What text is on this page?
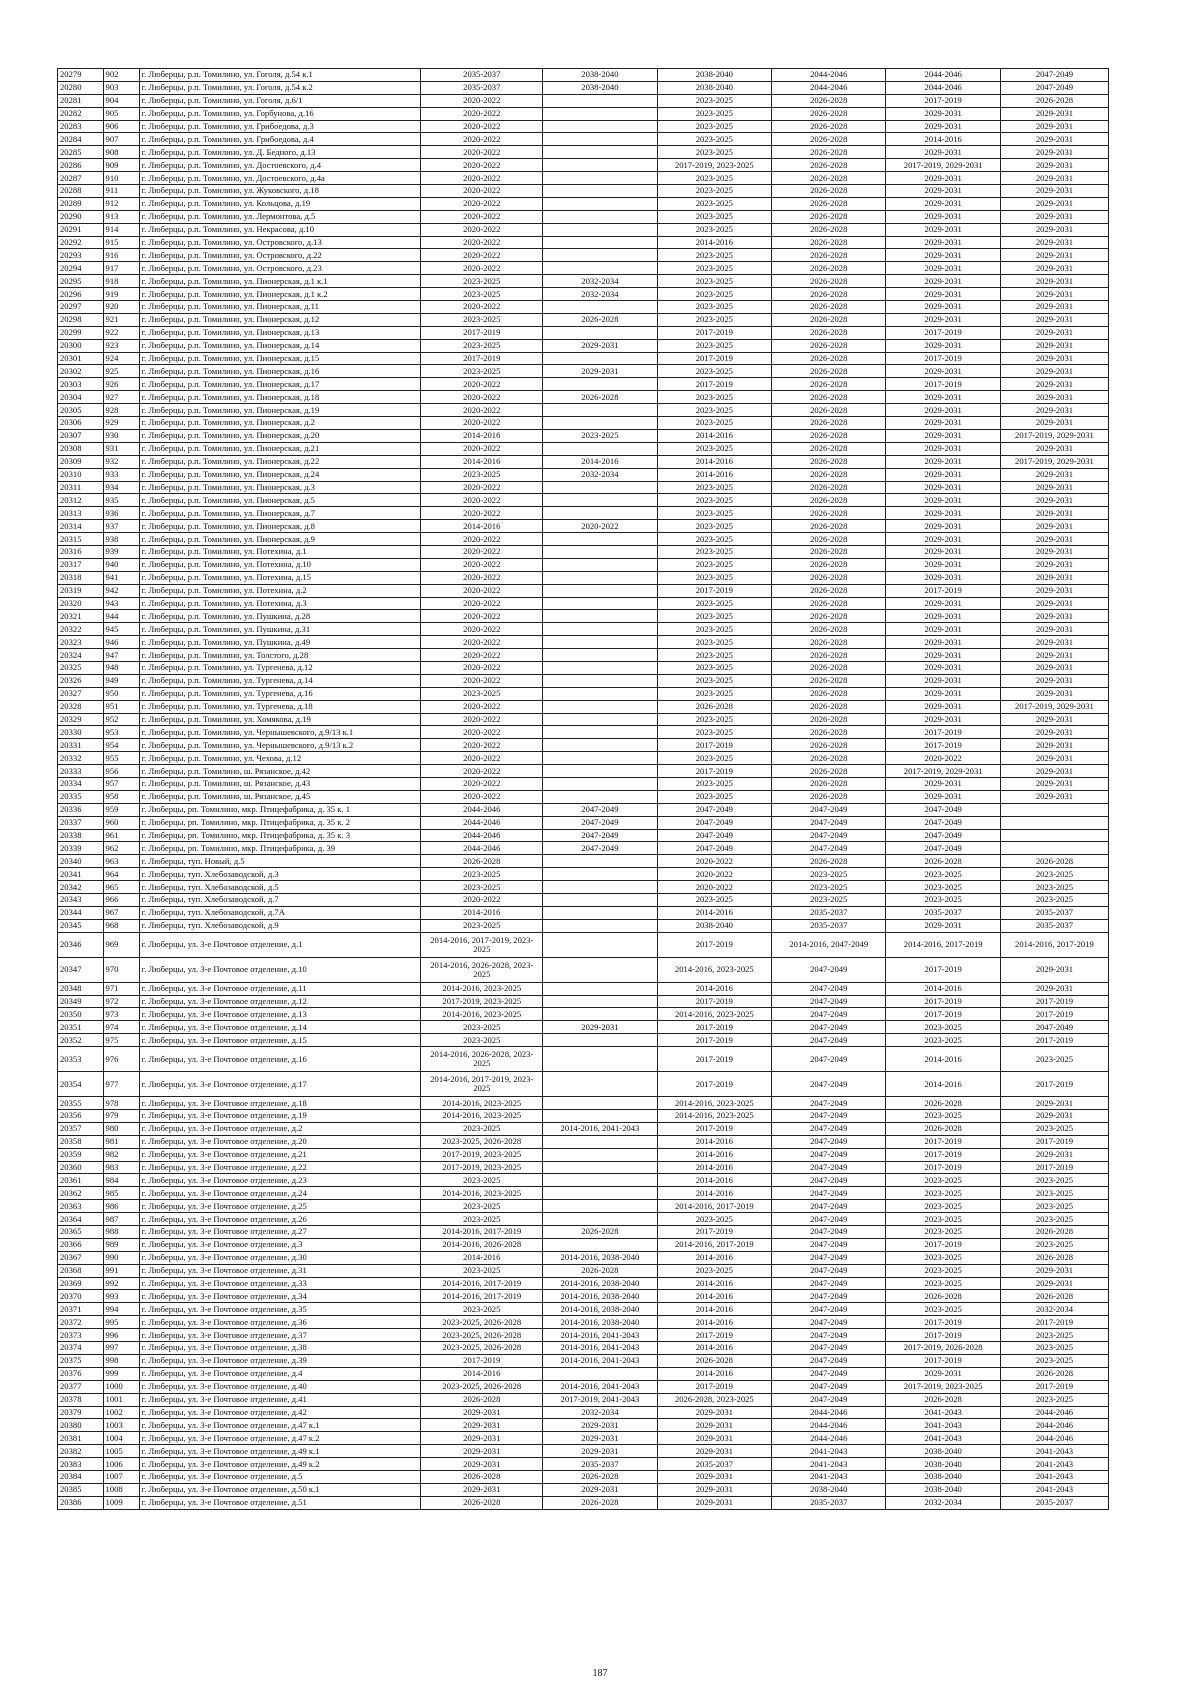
20279	902	г. Люберцы, р.п. Томилино, ул. Гоголя, д.54 к.1	2035-2037	2038-2040	2038-2040	2044-2046	2044-2046	2047-2049
20280	903	г. Люберцы, р.п. Томилино, ул. Гоголя, д.54 к.2	2035-2037	2038-2040	2038-2040	2044-2046	2044-2046	2047-2049
20281	904	г. Люберцы, р.п. Томилино, ул. Гоголя, д.6/1	2020-2022		2023-2025	2026-2028	2017-2019	2026-2028
20282	905	г. Люберцы, р.п. Томилино, ул. Горбунова, д.16	2020-2022		2023-2025	2026-2028	2029-2031	2029-2031
20283	906	г. Люберцы, р.п. Томилино, ул. Грибоедова, д.3	2020-2022		2023-2025	2026-2028	2029-2031	2029-2031
20284	907	г. Люберцы, р.п. Томилино, ул. Грибоедова, д.4	2020-2022		2023-2025	2026-2028	2014-2016	2029-2031
20285	908	г. Люберцы, р.п. Томилино, ул. Д. Бедного, д.13	2020-2022		2023-2025	2026-2028	2029-2031	2029-2031
20286	909	г. Люберцы, р.п. Томилино, ул. Достоевского, д.4	2020-2022		2017-2019, 2023-2025	2026-2028	2017-2019, 2029-2031	2029-2031
20287	910	г. Люберцы, р.п. Томилино, ул. Достоевского, д.4а	2020-2022		2023-2025	2026-2028	2029-2031	2029-2031
20288	911	г. Люберцы, р.п. Томилино, ул. Жуковского, д.18	2020-2022		2023-2025	2026-2028	2029-2031	2029-2031
20289	912	г. Люберцы, р.п. Томилино, ул. Кольцова, д.19	2020-2022		2023-2025	2026-2028	2029-2031	2029-2031
20290	913	г. Люберцы, р.п. Томилино, ул. Лермонтова, д.5	2020-2022		2023-2025	2026-2028	2029-2031	2029-2031
20291	914	г. Люберцы, р.п. Томилино, ул. Некрасова, д.10	2020-2022		2023-2025	2026-2028	2029-2031	2029-2031
20292	915	г. Люберцы, р.п. Томилино, ул. Островского, д.13	2020-2022		2014-2016	2026-2028	2029-2031	2029-2031
20293	916	г. Люберцы, р.п. Томилино, ул. Островского, д.22	2020-2022		2023-2025	2026-2028	2029-2031	2029-2031
20294	917	г. Люберцы, р.п. Томилино, ул. Островского, д.23	2020-2022		2023-2025	2026-2028	2029-2031	2029-2031
20295	918	г. Люберцы, р.п. Томилино, ул. Пионерская, д.1 к.1	2023-2025	2032-2034	2023-2025	2026-2028	2029-2031	2029-2031
20296	919	г. Люберцы, р.п. Томилино, ул. Пионерская, д.1 к.2	2023-2025	2032-2034	2023-2025	2026-2028	2029-2031	2029-2031
20297	920	г. Люберцы, р.п. Томилино, ул. Пионерская, д.11	2020-2022		2023-2025	2026-2028	2029-2031	2029-2031
20298	921	г. Люберцы, р.п. Томилино, ул. Пионерская, д.12	2023-2025	2026-2028	2023-2025	2026-2028	2029-2031	2029-2031
20299	922	г. Люберцы, р.п. Томилино, ул. Пионерская, д.13	2017-2019		2017-2019	2026-2028	2017-2019	2029-2031
20300	923	г. Люберцы, р.п. Томилино, ул. Пионерская, д.14	2023-2025	2029-2031	2023-2025	2026-2028	2029-2031	2029-2031
20301	924	г. Люберцы, р.п. Томилино, ул. Пионерская, д.15	2017-2019		2017-2019	2026-2028	2017-2019	2029-2031
20302	925	г. Люберцы, р.п. Томилино, ул. Пионерская, д.16	2023-2025	2029-2031	2023-2025	2026-2028	2029-2031	2029-2031
20303	926	г. Люберцы, р.п. Томилино, ул. Пионерская, д.17	2020-2022		2017-2019	2026-2028	2017-2019	2029-2031
20304	927	г. Люберцы, р.п. Томилино, ул. Пионерская, д.18	2020-2022	2026-2028	2023-2025	2026-2028	2029-2031	2029-2031
20305	928	г. Люберцы, р.п. Томилино, ул. Пионерская, д.19	2020-2022		2023-2025	2026-2028	2029-2031	2029-2031
20306	929	г. Люберцы, р.п. Томилино, ул. Пионерская, д.2	2020-2022		2023-2025	2026-2028	2029-2031	2029-2031
20307	930	г. Люберцы, р.п. Томилино, ул. Пионерская, д.20	2014-2016	2023-2025	2014-2016	2026-2028	2029-2031	2017-2019, 2029-2031
20308	931	г. Люберцы, р.п. Томилино, ул. Пионерская, д.21	2020-2022		2023-2025	2026-2028	2029-2031	2029-2031
20309	932	г. Люберцы, р.п. Томилино, ул. Пионерская, д.22	2014-2016	2014-2016	2014-2016	2026-2028	2029-2031	2017-2019, 2029-2031
20310	933	г. Люберцы, р.п. Томилино, ул. Пионерская, д.24	2023-2025	2032-2034	2014-2016	2026-2028	2029-2031	2029-2031
20311	934	г. Люберцы, р.п. Томилино, ул. Пионерская, д.3	2020-2022		2023-2025	2026-2028	2029-2031	2029-2031
20312	935	г. Люберцы, р.п. Томилино, ул. Пионерская, д.5	2020-2022		2023-2025	2026-2028	2029-2031	2029-2031
20313	936	г. Люберцы, р.п. Томилино, ул. Пионерская, д.7	2020-2022		2023-2025	2026-2028	2029-2031	2029-2031
20314	937	г. Люберцы, р.п. Томилино, ул. Пионерская, д.8	2014-2016	2020-2022	2023-2025	2026-2028	2029-2031	2029-2031
20315	938	г. Люберцы, р.п. Томилино, ул. Пионерская, д.9	2020-2022		2023-2025	2026-2028	2029-2031	2029-2031
20316	939	г. Люберцы, р.п. Томилино, ул. Потехина, д.1	2020-2022		2023-2025	2026-2028	2029-2031	2029-2031
20317	940	г. Люберцы, р.п. Томилино, ул. Потехина, д.10	2020-2022		2023-2025	2026-2028	2029-2031	2029-2031
20318	941	г. Люберцы, р.п. Томилино, ул. Потехина, д.15	2020-2022		2023-2025	2026-2028	2029-2031	2029-2031
20319	942	г. Люберцы, р.п. Томилино, ул. Потехина, д.2	2020-2022		2017-2019	2026-2028	2017-2019	2029-2031
20320	943	г. Люберцы, р.п. Томилино, ул. Потехина, д.3	2020-2022		2023-2025	2026-2028	2029-2031	2029-2031
20321	944	г. Люберцы, р.п. Томилино, ул. Пушкина, д.28	2020-2022		2023-2025	2026-2028	2029-2031	2029-2031
20322	945	г. Люберцы, р.п. Томилино, ул. Пушкина, д.31	2020-2022		2023-2025	2026-2028	2029-2031	2029-2031
20323	946	г. Люберцы, р.п. Томилино, ул. Пушкина, д.49	2020-2022		2023-2025	2026-2028	2029-2031	2029-2031
20324	947	г. Люберцы, р.п. Томилино, ул. Толстого, д.28	2020-2022		2023-2025	2026-2028	2029-2031	2029-2031
20325	948	г. Люберцы, р.п. Томилино, ул. Тургенева, д.12	2020-2022		2023-2025	2026-2028	2029-2031	2029-2031
20326	949	г. Люберцы, р.п. Томилино, ул. Тургенева, д.14	2020-2022		2023-2025	2026-2028	2029-2031	2029-2031
20327	950	г. Люберцы, р.п. Томилино, ул. Тургенева, д.16	2023-2025		2023-2025	2026-2028	2029-2031	2029-2031
20328	951	г. Люберцы, р.п. Томилино, ул. Тургенева, д.18	2020-2022		2026-2028	2026-2028	2029-2031	2017-2019, 2029-2031
20329	952	г. Люберцы, р.п. Томилино, ул. Хомякова, д.19	2020-2022		2023-2025	2026-2028	2029-2031	2029-2031
20330	953	г. Люберцы, р.п. Томилино, ул. Чернышевского, д.9/13 к.1	2020-2022		2023-2025	2026-2028	2017-2019	2029-2031
20331	954	г. Люберцы, р.п. Томилино, ул. Чернышевского, д.9/13 к.2	2020-2022		2017-2019	2026-2028	2017-2019	2029-2031
20332	955	г. Люберцы, р.п. Томилино, ул. Чехова, д.12	2020-2022		2023-2025	2026-2028	2020-2022	2029-2031
20333	956	г. Люберцы, р.п. Томилино, ш. Рязанское, д.42	2020-2022		2017-2019	2026-2028	2017-2019, 2029-2031	2029-2031
20334	957	г. Люберцы, р.п. Томилино, ш. Рязанское, д.43	2020-2022		2023-2025	2026-2028	2029-2031	2029-2031
20335	958	г. Люберцы, р.п. Томилино, ш. Рязанское, д.45	2020-2022		2023-2025	2026-2028	2029-2031	2029-2031
20336	959	г. Люберцы, рп. Томилино, мкр. Птицефабрика, д. 35 к. 1	2044-2046	2047-2049	2047-2049	2047-2049	2047-2049	
20337	960	г. Люберцы, рп. Томилино, мкр. Птицефабрика, д. 35 к. 2	2044-2046	2047-2049	2047-2049	2047-2049	2047-2049	
20338	961	г. Люберцы, рп. Томилино, мкр. Птицефабрика, д. 35 к. 3	2044-2046	2047-2049	2047-2049	2047-2049	2047-2049	
20339	962	г. Люберцы, рп. Томилино, мкр. Птицефабрика, д. 39	2044-2046	2047-2049	2047-2049	2047-2049	2047-2049	
20340	963	г. Люберцы, туп. Новый, д.5	2026-2028		2020-2022	2026-2028	2026-2028	2026-2028
20341	964	г. Люберцы, туп. Хлебозаводской, д.3	2023-2025		2020-2022	2023-2025	2023-2025	2023-2025
20342	965	г. Люберцы, туп. Хлебозаводской, д.5	2023-2025		2020-2022	2023-2025	2023-2025	2023-2025
20343	966	г. Люберцы, туп. Хлебозаводской, д.7	2020-2022		2023-2025	2023-2025	2023-2025	2023-2025
20344	967	г. Люберцы, туп. Хлебозаводской, д.7А	2014-2016		2014-2016	2035-2037	2035-2037	2035-2037
20345	968	г. Люберцы, туп. Хлебозаводской, д.9	2023-2025		2038-2040	2035-2037	2029-2031	2035-2037
20346	969	г. Люберцы, ул. 3-е Почтовое отделение, д.1	2014-2016, 2017-2019, 2023-2025		2017-2019	2014-2016, 2047-2049	2014-2016, 2017-2019	2014-2016, 2017-2019
20347	970	г. Люберцы, ул. 3-е Почтовое отделение, д.10	2014-2016, 2026-2028, 2023-2025		2014-2016, 2023-2025	2047-2049	2017-2019	2029-2031
20348	971	г. Люберцы, ул. 3-е Почтовое отделение, д.11	2014-2016, 2023-2025		2014-2016	2047-2049	2014-2016	2029-2031
20349	972	г. Люберцы, ул. 3-е Почтовое отделение, д.12	2017-2019, 2023-2025		2017-2019	2047-2049	2017-2019	2017-2019
20350	973	г. Люберцы, ул. 3-е Почтовое отделение, д.13	2014-2016, 2023-2025		2014-2016, 2023-2025	2047-2049	2017-2019	2017-2019
20351	974	г. Люберцы, ул. 3-е Почтовое отделение, д.14	2023-2025	2029-2031	2017-2019	2047-2049	2023-2025	2047-2049
20352	975	г. Люберцы, ул. 3-е Почтовое отделение, д.15	2023-2025		2017-2019	2047-2049	2023-2025	2017-2019
20353	976	г. Люберцы, ул. 3-е Почтовое отделение, д.16	2014-2016, 2026-2028, 2023-2025		2017-2019	2047-2049	2014-2016	2023-2025
20354	977	г. Люберцы, ул. 3-е Почтовое отделение, д.17	2014-2016, 2017-2019, 2023-2025		2017-2019	2047-2049	2014-2016	2017-2019
20355	978	г. Люберцы, ул. 3-е Почтовое отделение, д.18	2014-2016, 2023-2025		2014-2016, 2023-2025	2047-2049	2026-2028	2029-2031
20356	979	г. Люберцы, ул. 3-е Почтовое отделение, д.19	2014-2016, 2023-2025		2014-2016, 2023-2025	2047-2049	2023-2025	2029-2031
20357	980	г. Люберцы, ул. 3-е Почтовое отделение, д.2	2023-2025	2014-2016, 2041-2043	2017-2019	2047-2049	2026-2028	2023-2025
20358	981	г. Люберцы, ул. 3-е Почтовое отделение, д.20	2023-2025, 2026-2028		2014-2016	2047-2049	2017-2019	2017-2019
20359	982	г. Люберцы, ул. 3-е Почтовое отделение, д.21	2017-2019, 2023-2025		2014-2016	2047-2049	2017-2019	2029-2031
20360	983	г. Люберцы, ул. 3-е Почтовое отделение, д.22	2017-2019, 2023-2025		2014-2016	2047-2049	2017-2019	2017-2019
20361	984	г. Люберцы, ул. 3-е Почтовое отделение, д.23	2023-2025		2014-2016	2047-2049	2023-2025	2023-2025
20362	985	г. Люберцы, ул. 3-е Почтовое отделение, д.24	2014-2016, 2023-2025		2014-2016	2047-2049	2023-2025	2023-2025
20363	986	г. Люберцы, ул. 3-е Почтовое отделение, д.25	2023-2025		2014-2016, 2017-2019	2047-2049	2023-2025	2023-2025
20364	987	г. Люберцы, ул. 3-е Почтовое отделение, д.26	2023-2025		2023-2025	2047-2049	2023-2025	2023-2025
20365	988	г. Люберцы, ул. 3-е Почтовое отделение, д.27	2014-2016, 2017-2019	2026-2028	2017-2019	2047-2049	2023-2025	2026-2028
20366	989	г. Люберцы, ул. 3-е Почтовое отделение, д.3	2014-2016, 2026-2028		2014-2016, 2017-2019	2047-2049	2017-2019	2023-2025
20367	990	г. Люберцы, ул. 3-е Почтовое отделение, д.30	2014-2016	2014-2016, 2038-2040	2014-2016	2047-2049	2023-2025	2026-2028
20368	991	г. Люберцы, ул. 3-е Почтовое отделение, д.31	2023-2025	2026-2028	2023-2025	2047-2049	2023-2025	2029-2031
20369	992	г. Люберцы, ул. 3-е Почтовое отделение, д.33	2014-2016, 2017-2019	2014-2016, 2038-2040	2014-2016	2047-2049	2023-2025	2029-2031
20370	993	г. Люберцы, ул. 3-е Почтовое отделение, д.34	2014-2016, 2017-2019	2014-2016, 2038-2040	2014-2016	2047-2049	2026-2028	2026-2028
20371	994	г. Люберцы, ул. 3-е Почтовое отделение, д.35	2023-2025	2014-2016, 2038-2040	2014-2016	2047-2049	2023-2025	2032-2034
20372	995	г. Люберцы, ул. 3-е Почтовое отделение, д.36	2023-2025, 2026-2028	2014-2016, 2038-2040	2014-2016	2047-2049	2017-2019	2017-2019
20373	996	г. Люберцы, ул. 3-е Почтовое отделение, д.37	2023-2025, 2026-2028	2014-2016, 2041-2043	2017-2019	2047-2049	2017-2019	2023-2025
20374	997	г. Люберцы, ул. 3-е Почтовое отделение, д.38	2023-2025, 2026-2028	2014-2016, 2041-2043	2014-2016	2047-2049	2017-2019, 2026-2028	2023-2025
20375	998	г. Люберцы, ул. 3-е Почтовое отделение, д.39	2017-2019	2014-2016, 2041-2043	2026-2028	2047-2049	2017-2019	2023-2025
20376	999	г. Люберцы, ул. 3-е Почтовое отделение, д.4	2014-2016		2014-2016	2047-2049	2029-2031	2026-2028
20377	1000	г. Люберцы, ул. 3-е Почтовое отделение, д.40	2023-2025, 2026-2028	2014-2016, 2041-2043	2017-2019	2047-2049	2017-2019, 2023-2025	2017-2019
20378	1001	г. Люберцы, ул. 3-е Почтовое отделение, д.41	2026-2028	2017-2019, 2041-2043	2026-2028, 2023-2025	2047-2049	2026-2028	2023-2025
20379	1002	г. Люберцы, ул. 3-е Почтовое отделение, д.42	2029-2031	2032-2034	2029-2031	2044-2046	2041-2043	2044-2046
20380	1003	г. Люберцы, ул. 3-е Почтовое отделение, д.47 к.1	2029-2031	2029-2031	2029-2031	2044-2046	2041-2043	2044-2046
20381	1004	г. Люберцы, ул. 3-е Почтовое отделение, д.47 к.2	2029-2031	2029-2031	2029-2031	2044-2046	2041-2043	2044-2046
20382	1005	г. Люберцы, ул. 3-е Почтовое отделение, д.49 к.1	2029-2031	2029-2031	2029-2031	2041-2043	2038-2040	2041-2043
20383	1006	г. Люберцы, ул. 3-е Почтовое отделение, д.49 к.2	2029-2031	2035-2037	2035-2037	2041-2043	2038-2040	2041-2043
20384	1007	г. Люберцы, ул. 3-е Почтовое отделение, д.5	2026-2028	2026-2028	2029-2031	2041-2043	2038-2040	2041-2043
20385	1008	г. Люберцы, ул. 3-е Почтовое отделение, д.50 к.1	2029-2031	2029-2031	2029-2031	2038-2040	2038-2040	2041-2043
20386	1009	г. Люберцы, ул. 3-е Почтовое отделение, д.51	2026-2028	2026-2028	2029-2031	2035-2037	2032-2034	2035-2037
187
